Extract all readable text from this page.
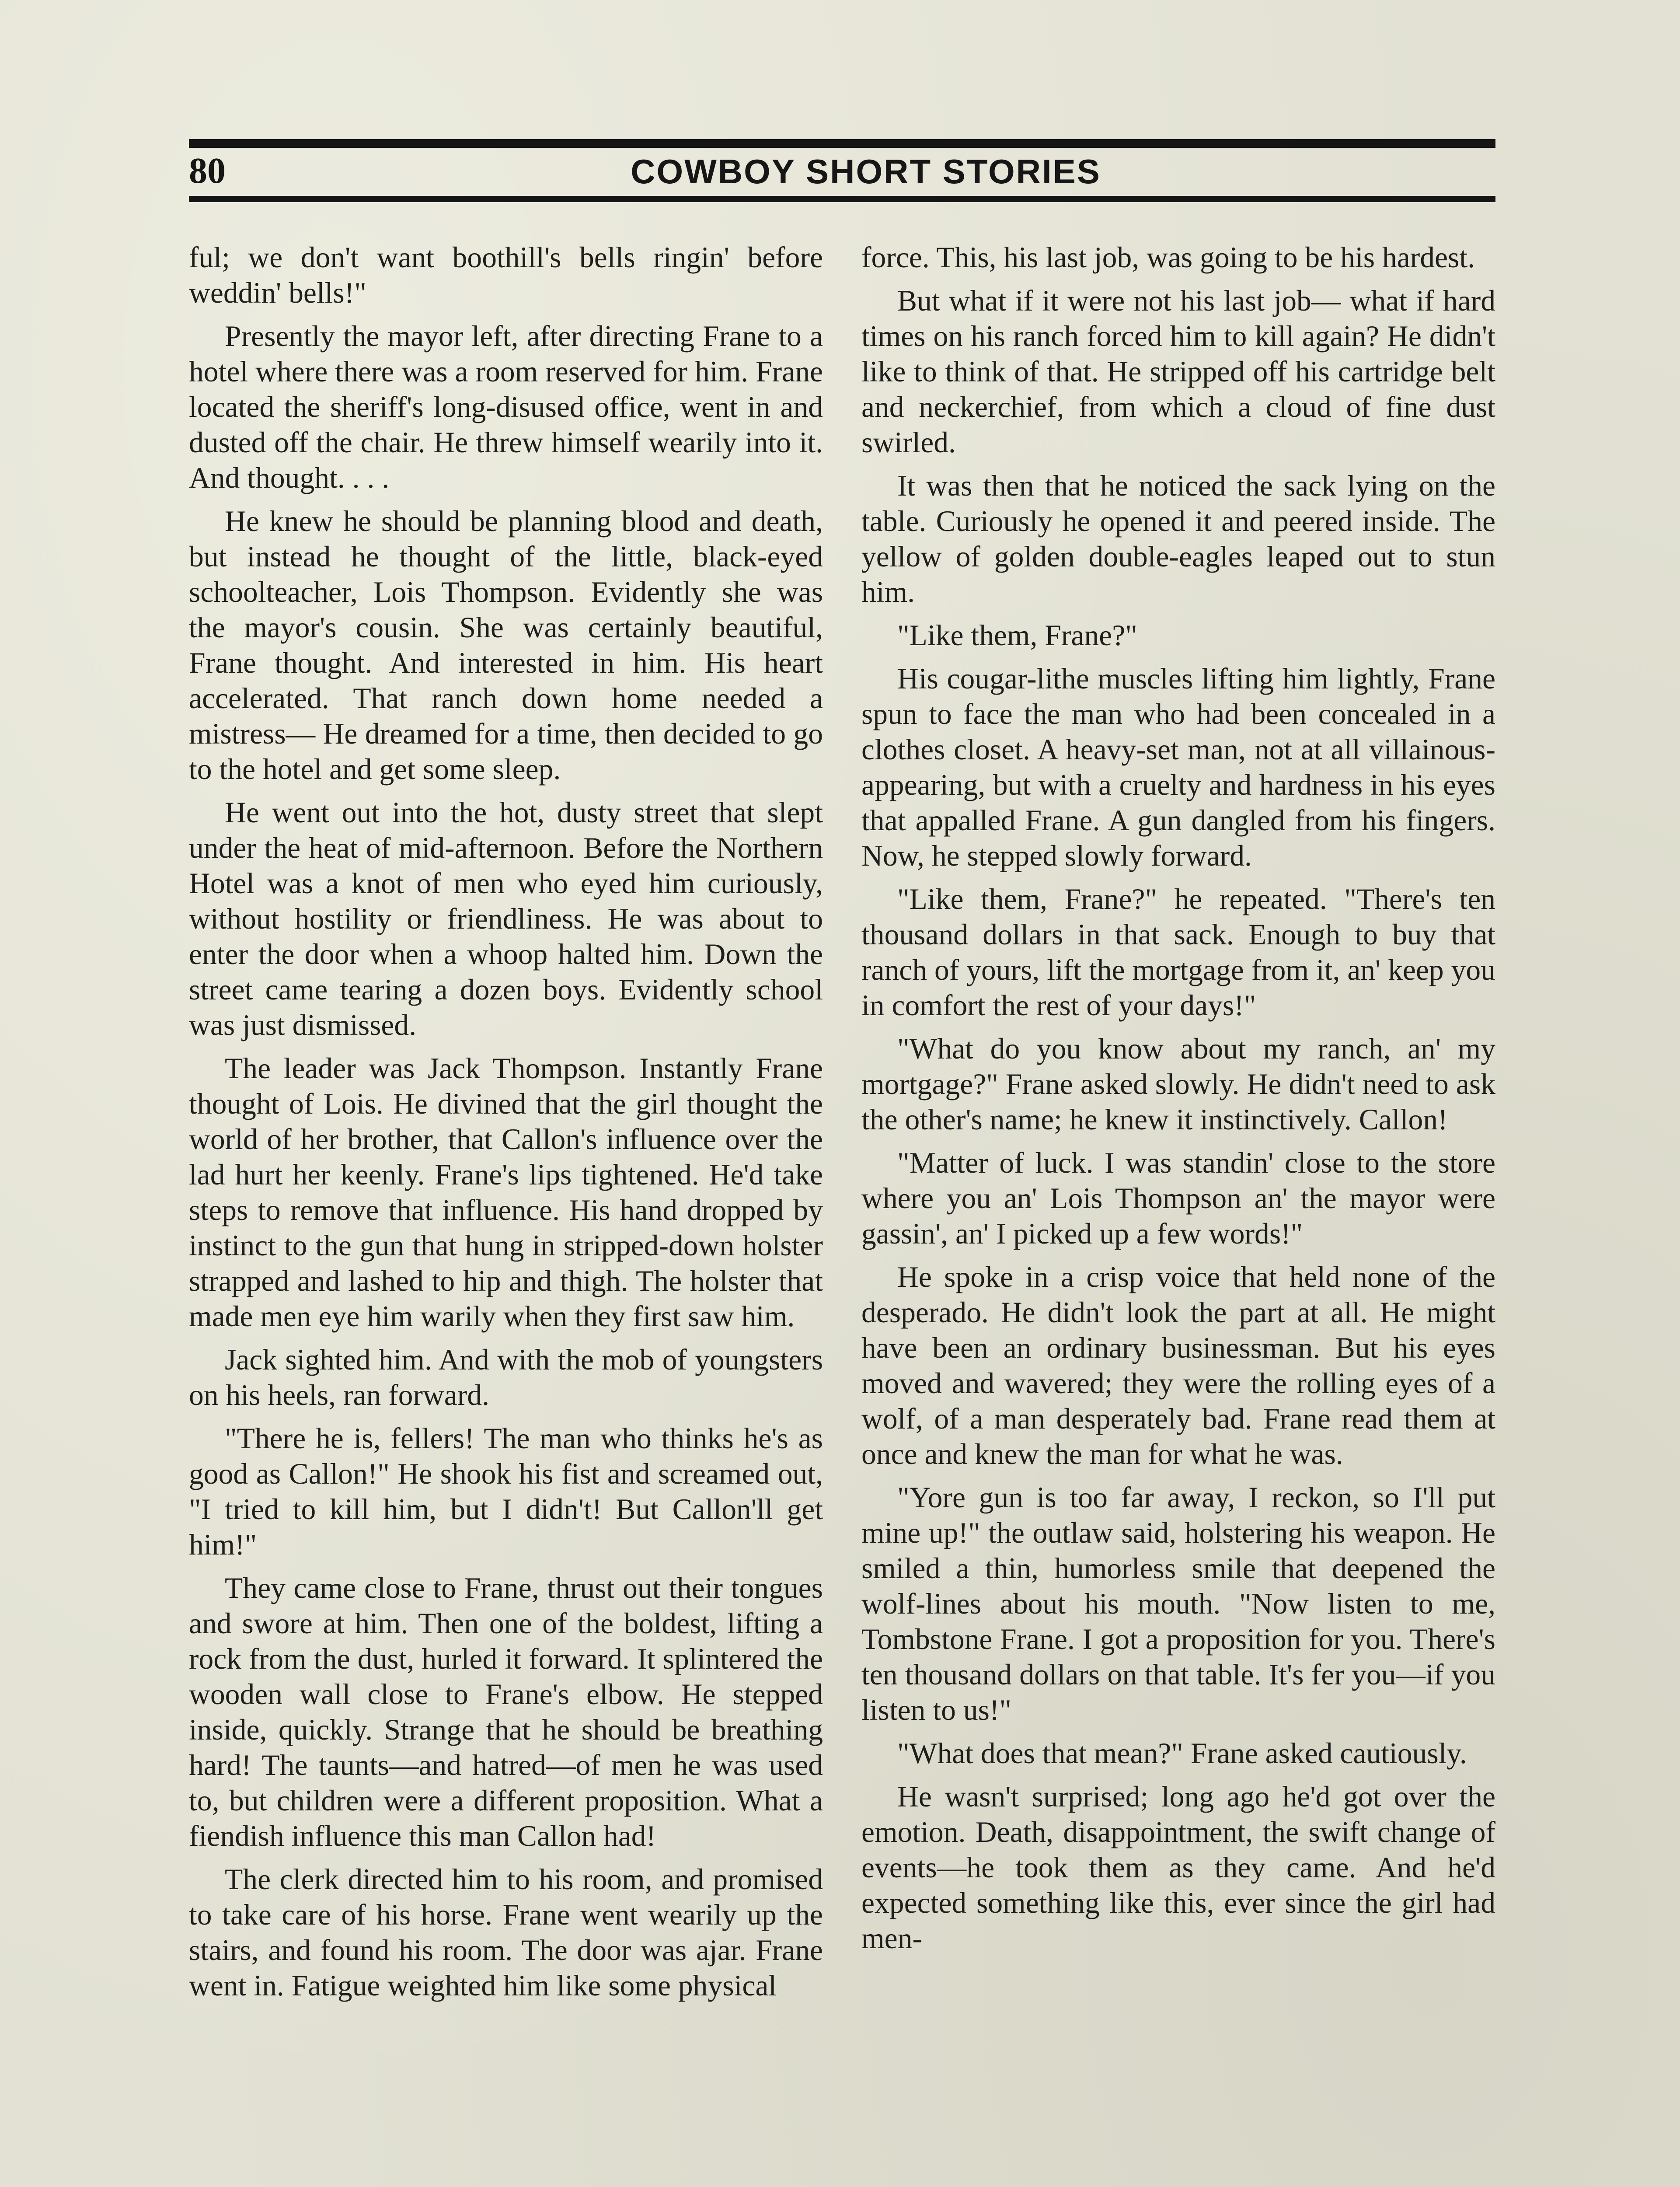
80	COWBOY SHORT STORIES

ful; we don't want boothill's bells ringin' before weddin' bells!"

Presently the mayor left, after directing Frane to a hotel where there was a room reserved for him. Frane located the sheriff's long-disused office, went in and dusted off the chair. He threw himself wearily into it. And thought. . . .

He knew he should be planning blood and death, but instead he thought of the little, black-eyed schoolteacher, Lois Thompson. Evidently she was the mayor's cousin. She was certainly beautiful, Frane thought. And interested in him. His heart accelerated. That ranch down home needed a mistress— He dreamed for a time, then decided to go to the hotel and get some sleep.

He went out into the hot, dusty street that slept under the heat of mid-afternoon. Before the Northern Hotel was a knot of men who eyed him curiously, without hostility or friendliness. He was about to enter the door when a whoop halted him. Down the street came tearing a dozen boys. Evidently school was just dismissed.

The leader was Jack Thompson. Instantly Frane thought of Lois. He divined that the girl thought the world of her brother, that Callon's influence over the lad hurt her keenly. Frane's lips tightened. He'd take steps to remove that influence. His hand dropped by instinct to the gun that hung in stripped-down holster strapped and lashed to hip and thigh. The holster that made men eye him warily when they first saw him.

Jack sighted him. And with the mob of youngsters on his heels, ran forward.

"There he is, fellers! The man who thinks he's as good as Callon!" He shook his fist and screamed out, "I tried to kill him, but I didn't! But Callon'll get him!"

They came close to Frane, thrust out their tongues and swore at him. Then one of the boldest, lifting a rock from the dust, hurled it forward. It splintered the wooden wall close to Frane's elbow. He stepped inside, quickly. Strange that he should be breathing hard! The taunts—and hatred—of men he was used to, but children were a different proposition. What a fiendish influence this man Callon had!

The clerk directed him to his room, and promised to take care of his horse. Frane went wearily up the stairs, and found his room. The door was ajar. Frane went in. Fatigue weighted him like some physical

force. This, his last job, was going to be his hardest.

But what if it were not his last job— what if hard times on his ranch forced him to kill again? He didn't like to think of that. He stripped off his cartridge belt and neckerchief, from which a cloud of fine dust swirled.

It was then that he noticed the sack lying on the table. Curiously he opened it and peered inside. The yellow of golden double-eagles leaped out to stun him.

"Like them, Frane?"

His cougar-lithe muscles lifting him lightly, Frane spun to face the man who had been concealed in a clothes closet. A heavy-set man, not at all villainous-appearing, but with a cruelty and hardness in his eyes that appalled Frane. A gun dangled from his fingers. Now, he stepped slowly forward.

"Like them, Frane?" he repeated. "There's ten thousand dollars in that sack. Enough to buy that ranch of yours, lift the mortgage from it, an' keep you in comfort the rest of your days!"

"What do you know about my ranch, an' my mortgage?" Frane asked slowly. He didn't need to ask the other's name; he knew it instinctively. Callon!

"Matter of luck. I was standin' close to the store where you an' Lois Thompson an' the mayor were gassin', an' I picked up a few words!"

He spoke in a crisp voice that held none of the desperado. He didn't look the part at all. He might have been an ordinary businessman. But his eyes moved and wavered; they were the rolling eyes of a wolf, of a man desperately bad. Frane read them at once and knew the man for what he was.

"Yore gun is too far away, I reckon, so I'll put mine up!" the outlaw said, holstering his weapon. He smiled a thin, humorless smile that deepened the wolf-lines about his mouth. "Now listen to me, Tombstone Frane. I got a proposition for you. There's ten thousand dollars on that table. It's fer you—if you listen to us!"

"What does that mean?" Frane asked cautiously.

He wasn't surprised; long ago he'd got over the emotion. Death, disappointment, the swift change of events—he took them as they came. And he'd expected something like this, ever since the girl had men-
